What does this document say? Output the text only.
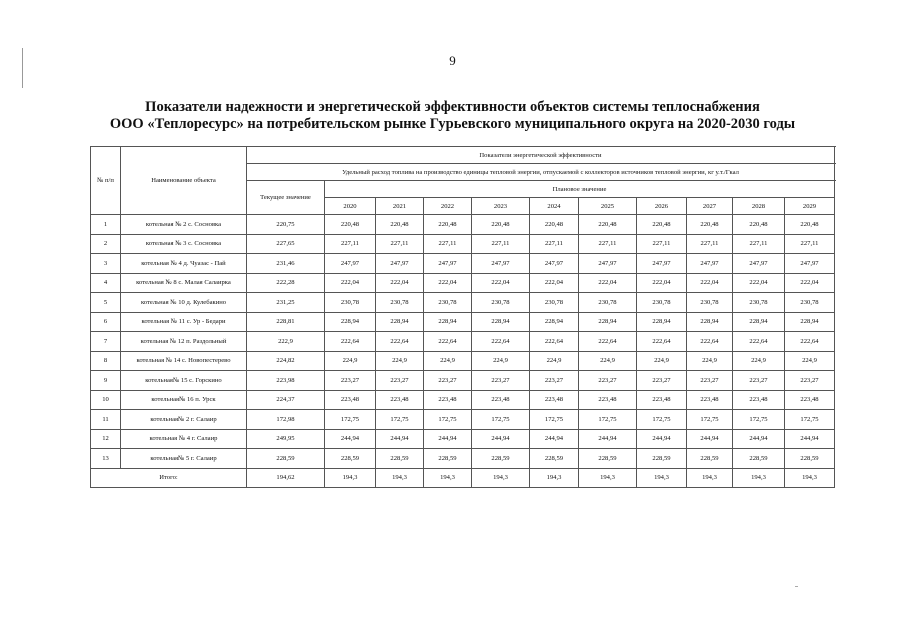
9
Показатели надежности и энергетической эффективности объектов системы теплоснабжения
ООО «Теплоресурс» на потребительском рынке Гурьевского муниципального округа на 2020-2030 годы
№ п/п	Наименование объекта	Показатели энергетической эффективности											
		Удельный расход топлива на производство единицы тепловой энергии, отпускаемой с коллекторов источников тепловой энергии, кг у.т./Гкал											
		Текущее значение	Плановое значение										
			2020	2021	2022	2023	2024	2025	2026	2027	2028	2029	
1	котельная № 2 с. Сосновка	220,75	220,48	220,48	220,48	220,48	220,48	220,48	220,48	220,48	220,48	220,48	
2	котельная № 3 с. Сосновка	227,65	227,11	227,11	227,11	227,11	227,11	227,11	227,11	227,11	227,11	227,11	
3	котельная № 4 д. Чуазас - Пай	231,46	247,97	247,97	247,97	247,97	247,97	247,97	247,97	247,97	247,97	247,97	
4	котельная № 8 с. Малая Салаирка	222,28	222,04	222,04	222,04	222,04	222,04	222,04	222,04	222,04	222,04	222,04	
5	котельная № 10 д. Кулебакино	231,25	230,78	230,78	230,78	230,78	230,78	230,78	230,78	230,78	230,78	230,78	
6	котельная № 11 с. Ур - Бедари	228,81	228,94	228,94	228,94	228,94	228,94	228,94	228,94	228,94	228,94	228,94	
7	котельная № 12 п. Раздольный	222,9	222,64	222,64	222,64	222,64	222,64	222,64	222,64	222,64	222,64	222,64	
8	котельная № 14 с. Новопестерево	224,82	224,9	224,9	224,9	224,9	224,9	224,9	224,9	224,9	224,9	224,9	
9	котельная№ 15 с. Горскино	223,98	223,27	223,27	223,27	223,27	223,27	223,27	223,27	223,27	223,27	223,27	
10	котельная№ 16 п. Урск	224,37	223,48	223,48	223,48	223,48	223,48	223,48	223,48	223,48	223,48	223,48	
11	котельная№ 2 г. Салаир	172,98	172,75	172,75	172,75	172,75	172,75	172,75	172,75	172,75	172,75	172,75	
12	котельная № 4 г. Салаир	249,95	244,94	244,94	244,94	244,94	244,94	244,94	244,94	244,94	244,94	244,94	
13	котельная№ 5 г. Салаир	228,59	228,59	228,59	228,59	228,59	228,59	228,59	228,59	228,59	228,59	228,59	
Итого:		194,62	194,3	194,3	194,3	194,3	194,3	194,3	194,3	194,3	194,3	194,3	
